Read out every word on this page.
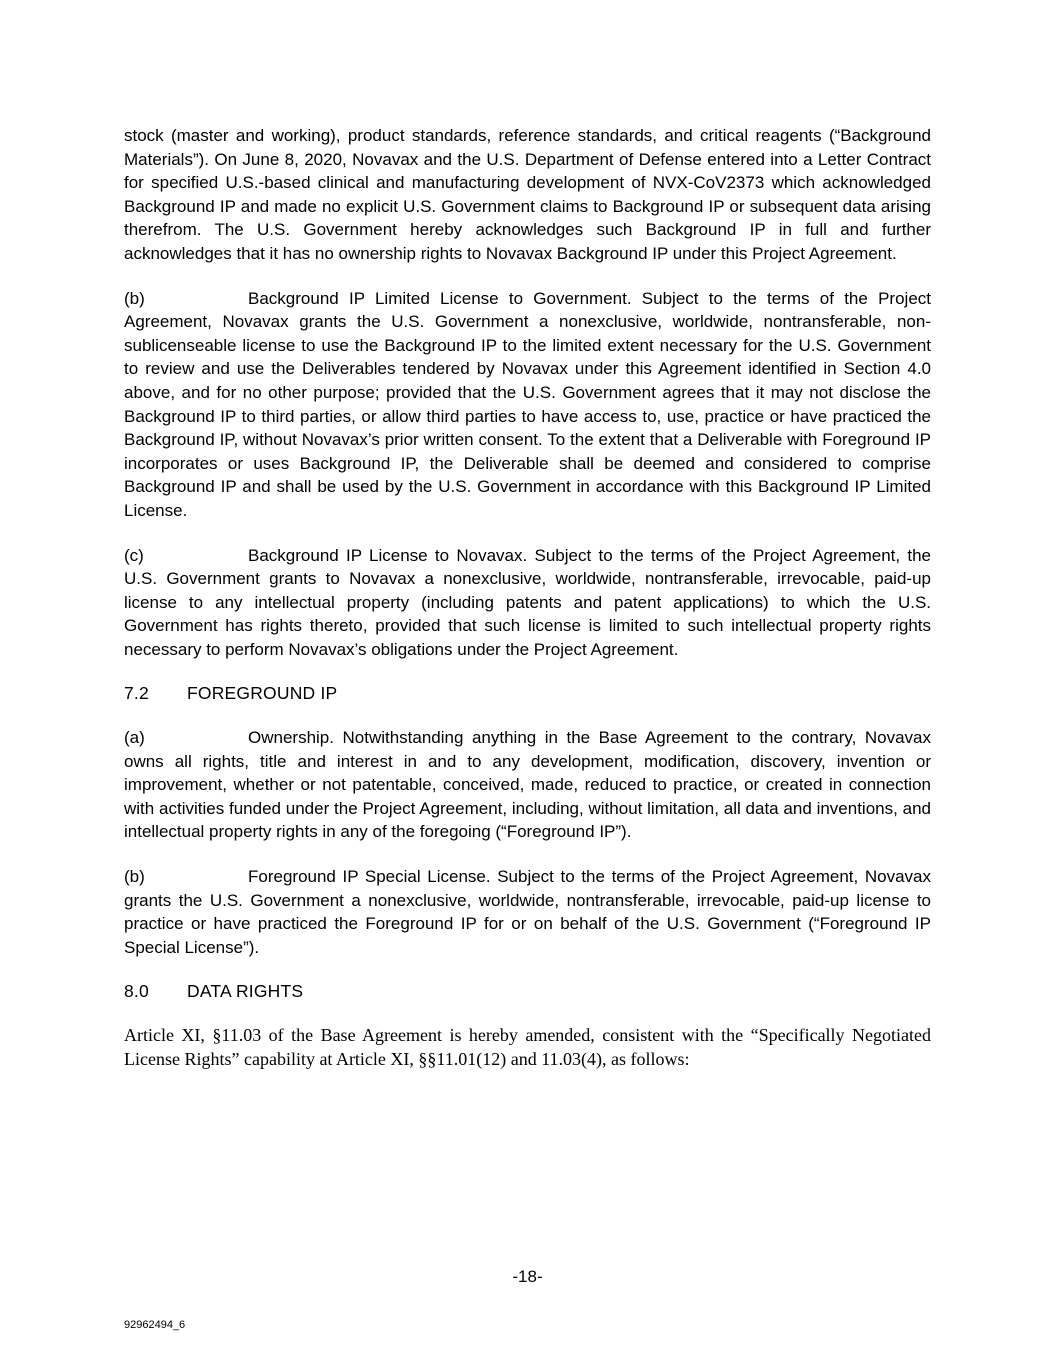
stock (master and working), product standards, reference standards, and critical reagents (“Background Materials”). On June 8, 2020, Novavax and the U.S. Department of Defense entered into a Letter Contract for specified U.S.-based clinical and manufacturing development of NVX-CoV2373 which acknowledged Background IP and made no explicit U.S. Government claims to Background IP or subsequent data arising therefrom. The U.S. Government hereby acknowledges such Background IP in full and further acknowledges that it has no ownership rights to Novavax Background IP under this Project Agreement.

(b)	Background IP Limited License to Government. Subject to the terms of the Project Agreement, Novavax grants the U.S. Government a nonexclusive, worldwide, nontransferable, non-sublicenseable license to use the Background IP to the limited extent necessary for the U.S. Government to review and use the Deliverables tendered by Novavax under this Agreement identified in Section 4.0 above, and for no other purpose; provided that the U.S. Government agrees that it may not disclose the Background IP to third parties, or allow third parties to have access to, use, practice or have practiced the Background IP, without Novavax’s prior written consent. To the extent that a Deliverable with Foreground IP incorporates or uses Background IP, the Deliverable shall be deemed and considered to comprise Background IP and shall be used by the U.S. Government in accordance with this Background IP Limited License.

(c)	Background IP License to Novavax. Subject to the terms of the Project Agreement, the U.S. Government grants to Novavax a nonexclusive, worldwide, nontransferable, irrevocable, paid-up license to any intellectual property (including patents and patent applications) to which the U.S. Government has rights thereto, provided that such license is limited to such intellectual property rights necessary to perform Novavax’s obligations under the Project Agreement.

7.2 FOREGROUND IP

(a)	Ownership. Notwithstanding anything in the Base Agreement to the contrary, Novavax owns all rights, title and interest in and to any development, modification, discovery, invention or improvement, whether or not patentable, conceived, made, reduced to practice, or created in connection with activities funded under the Project Agreement, including, without limitation, all data and inventions, and intellectual property rights in any of the foregoing (“Foreground IP”).

(b)	Foreground IP Special License. Subject to the terms of the Project Agreement, Novavax grants the U.S. Government a nonexclusive, worldwide, nontransferable, irrevocable, paid-up license to practice or have practiced the Foreground IP for or on behalf of the U.S. Government (“Foreground IP Special License”).

8.0 DATA RIGHTS

Article XI, §11.03 of the Base Agreement is hereby amended, consistent with the “Specifically Negotiated License Rights” capability at Article XI, §§11.01(12) and 11.03(4), as follows:

-18-
92962494_6
